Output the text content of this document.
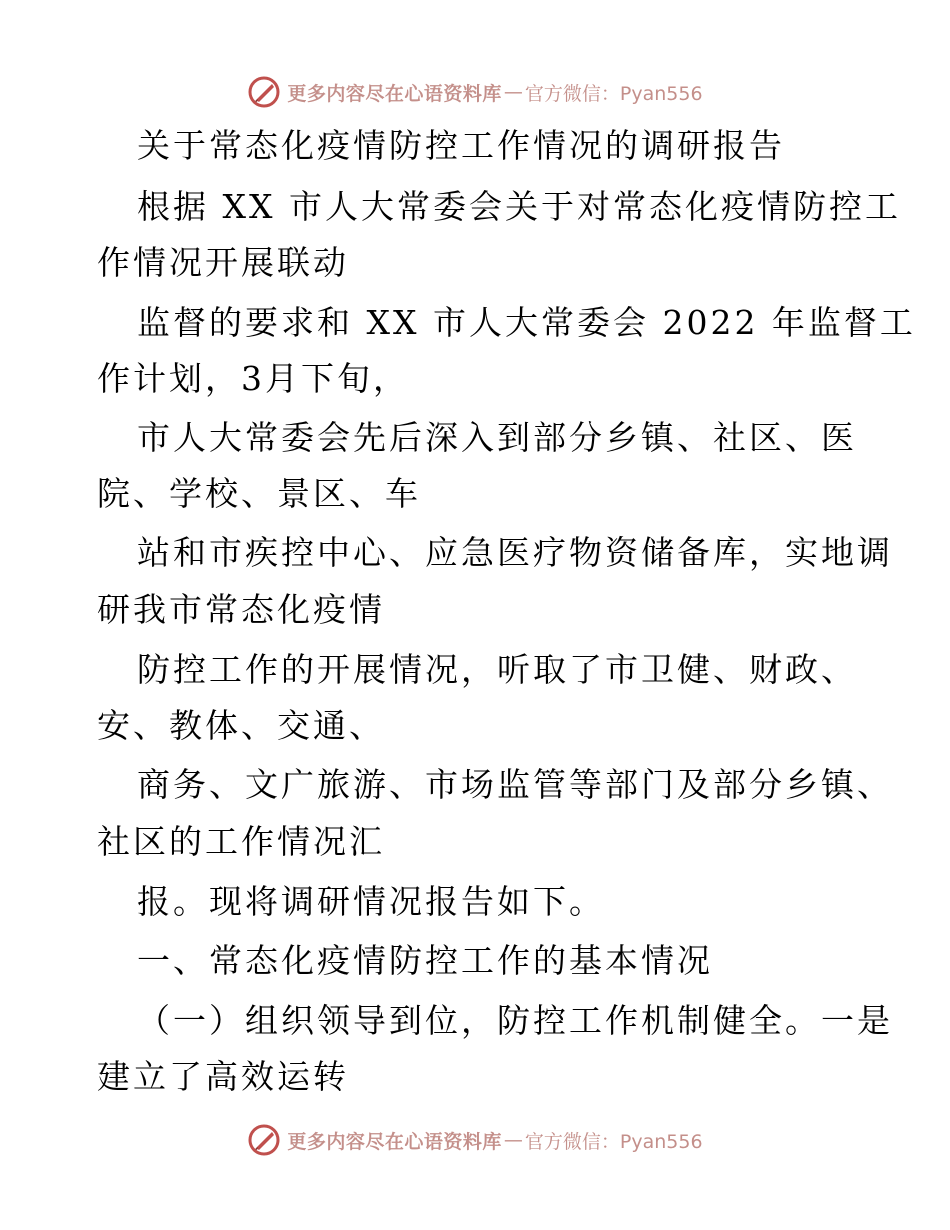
更多内容尽在心语资料库 — 官方微信：Pyan556
关于常态化疫情防控工作情况的调研报告
根据 XX 市人大常委会关于对常态化疫情防控工
作情况开展联动
监督的要求和 XX 市人大常委会 2022 年监督工
作计划，3月下旬，
市人大常委会先后深入到部分乡镇、社区、医
院、学校、景区、车
站和市疾控中心、应急医疗物资储备库，实地调
研我市常态化疫情
防控工作的开展情况，听取了市卫健、财政、
安、教体、交通、
商务、文广旅游、市场监管等部门及部分乡镇、
社区的工作情况汇
报。现将调研情况报告如下。
一、常态化疫情防控工作的基本情况
（一）组织领导到位，防控工作机制健全。一是
建立了高效运转
更多内容尽在心语资料库 — 官方微信：Pyan556
